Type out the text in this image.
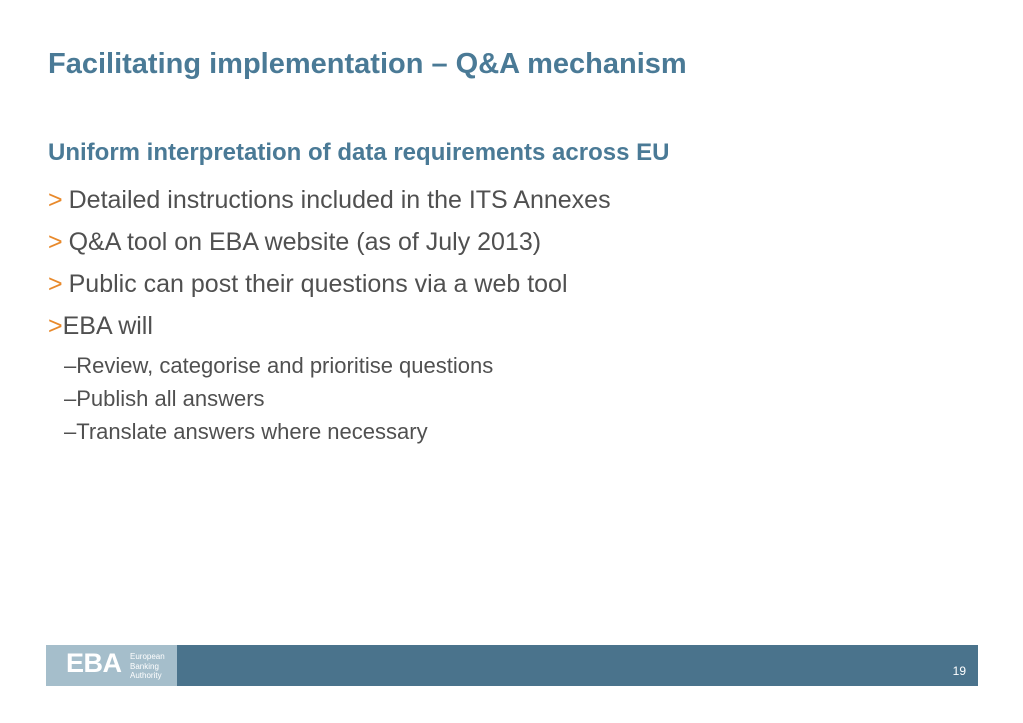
Facilitating implementation – Q&A mechanism
Uniform interpretation of data requirements across EU
> Detailed instructions included in the ITS Annexes
> Q&A tool on EBA website (as of July 2013)
> Public can post their questions via a web tool
>EBA will
–Review, categorise and prioritise questions
–Publish all answers
–Translate answers where necessary
EBA European
Banking
Authority	19
